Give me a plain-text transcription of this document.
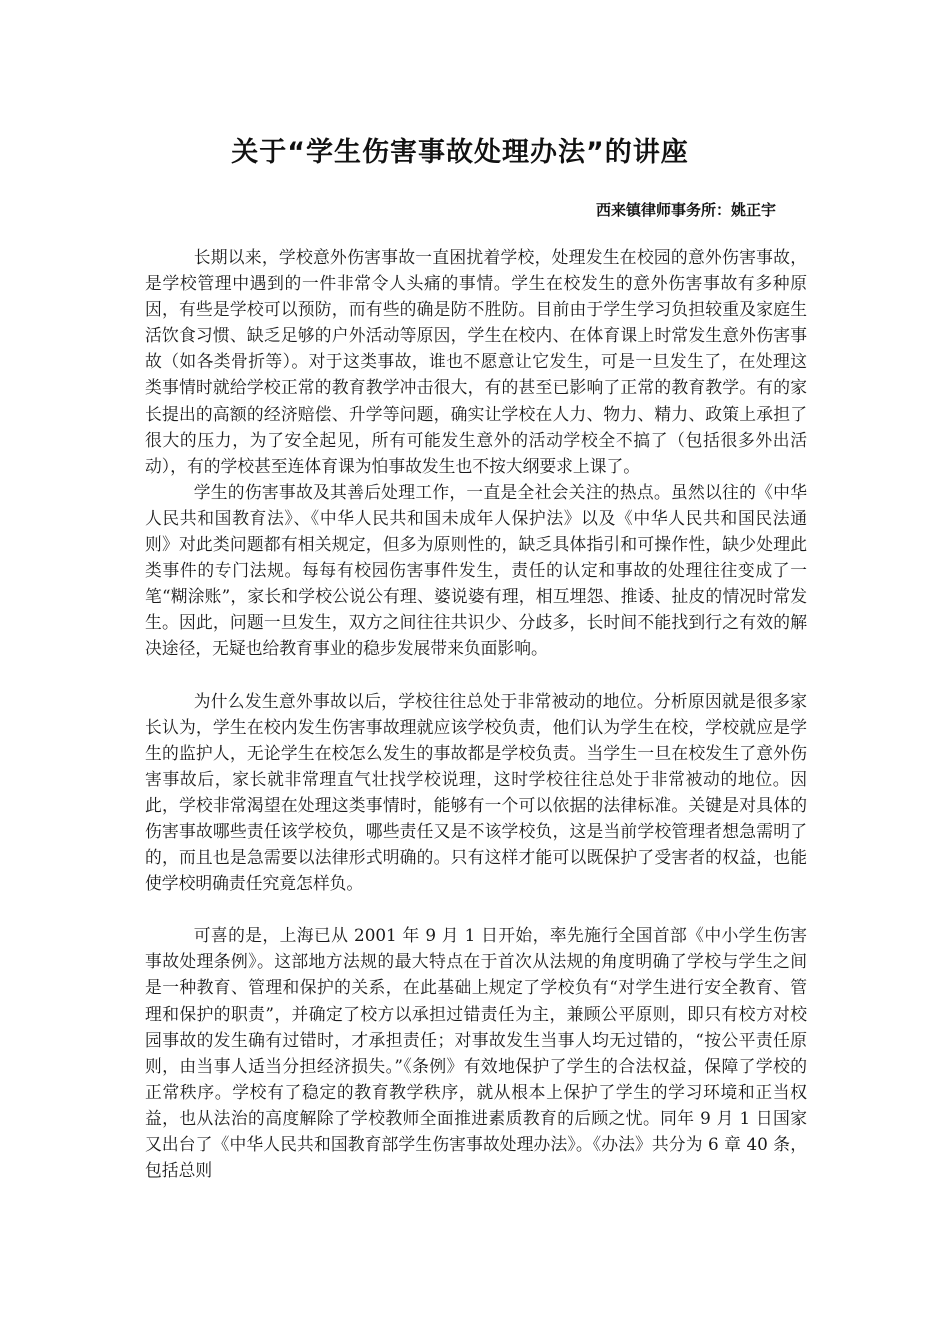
关于“学生伤害事故处理办法”的讲座
西来镇律师事务所：姚正宇

长期以来，学校意外伤害事故一直困扰着学校，处理发生在校园的意外伤害事故，是学校管理中遇到的一件非常令人头痛的事情。学生在校发生的意外伤害事故有多种原因，有些是学校可以预防，而有些的确是防不胜防。目前由于学生学习负担较重及家庭生活饮食习惯、缺乏足够的户外活动等原因，学生在校内、在体育课上时常发生意外伤害事故（如各类骨折等）。对于这类事故，谁也不愿意让它发生，可是一旦发生了，在处理这类事情时就给学校正常的教育教学冲击很大，有的甚至已影响了正常的教育教学。有的家长提出的高额的经济赔偿、升学等问题，确实让学校在人力、物力、精力、政策上承担了很大的压力，为了安全起见，所有可能发生意外的活动学校全不搞了（包括很多外出活动），有的学校甚至连体育课为怕事故发生也不按大纲要求上课了。

学生的伤害事故及其善后处理工作，一直是全社会关注的热点。虽然以往的《中华人民共和国教育法》、《中华人民共和国未成年人保护法》以及《中华人民共和国民法通则》对此类问题都有相关规定，但多为原则性的，缺乏具体指引和可操作性，缺少处理此类事件的专门法规。每每有校园伤害事件发生，责任的认定和事故的处理往往变成了一笔“糊涂账”，家长和学校公说公有理、婆说婆有理，相互埋怨、推诿、扯皮的情况时常发生。因此，问题一旦发生，双方之间往往共识少、分歧多，长时间不能找到行之有效的解决途径，无疑也给教育事业的稳步发展带来负面影响。

为什么发生意外事故以后，学校往往总处于非常被动的地位。分析原因就是很多家长认为，学生在校内发生伤害事故理就应该学校负责，他们认为学生在校，学校就应是学生的监护人，无论学生在校怎么发生的事故都是学校负责。当学生一旦在校发生了意外伤害事故后，家长就非常理直气壮找学校说理，这时学校往往总处于非常被动的地位。因此，学校非常渴望在处理这类事情时，能够有一个可以依据的法律标准。关键是对具体的伤害事故哪些责任该学校负，哪些责任又是不该学校负，这是当前学校管理者想急需明了的，而且也是急需要以法律形式明确的。只有这样才能可以既保护了受害者的权益，也能使学校明确责任究竟怎样负。

可喜的是，上海已从 2001 年 9 月 1 日开始，率先施行全国首部《中小学生伤害事故处理条例》。这部地方法规的最大特点在于首次从法规的角度明确了学校与学生之间是一种教育、管理和保护的关系，在此基础上规定了学校负有“对学生进行安全教育、管理和保护的职责”，并确定了校方以承担过错责任为主，兼顾公平原则，即只有校方对校园事故的发生确有过错时，才承担责任；对事故发生当事人均无过错的，“按公平责任原则，由当事人适当分担经济损失。”《条例》有效地保护了学生的合法权益，保障了学校的正常秩序。学校有了稳定的教育教学秩序，就从根本上保护了学生的学习环境和正当权益，也从法治的高度解除了学校教师全面推进素质教育的后顾之忧。同年 9 月 1 日国家又出台了《中华人民共和国教育部学生伤害事故处理办法》。《办法》共分为 6 章 40 条，包括总则
